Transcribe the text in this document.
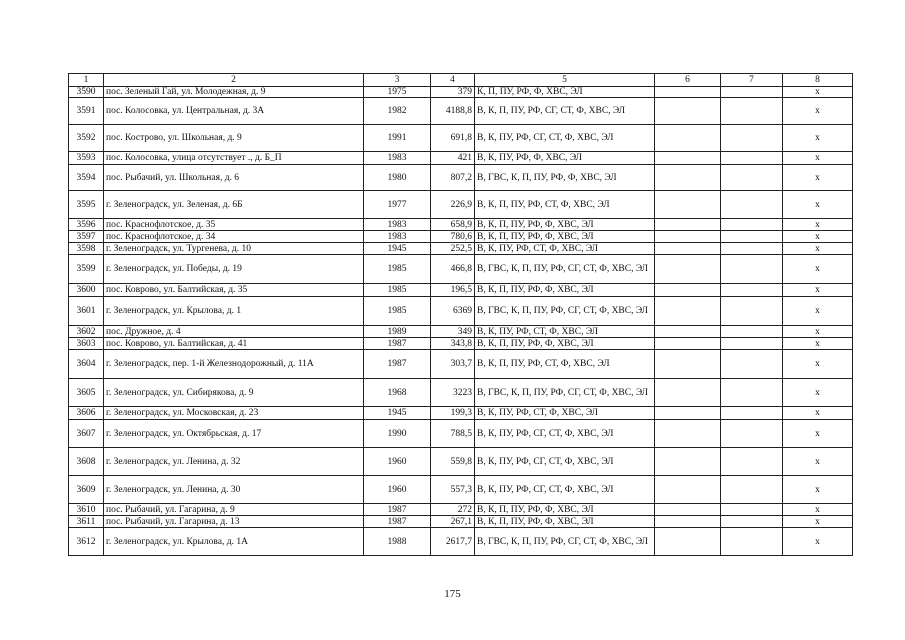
1	2	3	4	5	6	7	8
3590	пос. Зеленый Гай, ул. Молодежная, д. 9	1975	379	К, П, ПУ, РФ, Ф, ХВС, ЭЛ			х
3591	пос. Колосовка, ул. Центральная, д. 3А	1982	4188,8	В, К, П, ПУ, РФ, СГ, СТ, Ф, ХВС, ЭЛ			х
3592	пос. Кострово, ул. Школьная, д. 9	1991	691,8	В, К, ПУ, РФ, СГ, СТ, Ф, ХВС, ЭЛ			х
3593	пос. Колосовка, улица отсутствует ., д. Б_П	1983	421	В, К, ПУ, РФ, Ф, ХВС, ЭЛ			х
3594	пос. Рыбачий, ул. Школьная, д. 6	1980	807,2	В, ГВС, К, П, ПУ, РФ, Ф, ХВС, ЭЛ			х
3595	г. Зеленоградск, ул. Зеленая, д. 6Б	1977	226,9	В, К, П, ПУ, РФ, СТ, Ф, ХВС, ЭЛ			х
3596	пос. Краснофлотское, д. 35	1983	658,9	В, К, П, ПУ, РФ, Ф, ХВС, ЭЛ			х
3597	пос. Краснофлотское, д. 34	1983	780,6	В, К, П, ПУ, РФ, Ф, ХВС, ЭЛ			х
3598	г. Зеленоградск, ул. Тургенева, д. 10	1945	252,5	В, К, ПУ, РФ, СТ, Ф, ХВС, ЭЛ			х
3599	г. Зеленоградск, ул. Победы, д. 19	1985	466,8	В, ГВС, К, П, ПУ, РФ, СГ, СТ, Ф, ХВС, ЭЛ			х
3600	пос. Коврово, ул. Балтийская, д. 35	1985	196,5	В, К, П, ПУ, РФ, Ф, ХВС, ЭЛ			х
3601	г. Зеленоградск, ул. Крылова, д. 1	1985	6369	В, ГВС, К, П, ПУ, РФ, СГ, СТ, Ф, ХВС, ЭЛ			х
3602	пос. Дружное, д. 4	1989	349	В, К, ПУ, РФ, СТ, Ф, ХВС, ЭЛ			х
3603	пос. Коврово, ул. Балтийская, д. 41	1987	343,8	В, К, П, ПУ, РФ, Ф, ХВС, ЭЛ			х
3604	г. Зеленоградск, пер. 1-й Железнодорожный, д. 11А	1987	303,7	В, К, П, ПУ, РФ, СТ, Ф, ХВС, ЭЛ			х
3605	г. Зеленоградск, ул. Сибирякова, д. 9	1968	3223	В, ГВС, К, П, ПУ, РФ, СГ, СТ, Ф, ХВС, ЭЛ			х
3606	г. Зеленоградск, ул. Московская, д. 23	1945	199,3	В, К, ПУ, РФ, СТ, Ф, ХВС, ЭЛ			х
3607	г. Зеленоградск, ул. Октябрьская, д. 17	1990	788,5	В, К, ПУ, РФ, СГ, СТ, Ф, ХВС, ЭЛ			х
3608	г. Зеленоградск, ул. Ленина, д. 32	1960	559,8	В, К, ПУ, РФ, СГ, СТ, Ф, ХВС, ЭЛ			х
3609	г. Зеленоградск, ул. Ленина, д. 30	1960	557,3	В, К, ПУ, РФ, СГ, СТ, Ф, ХВС, ЭЛ			х
3610	пос. Рыбачий, ул. Гагарина, д. 9	1987	272	В, К, П, ПУ, РФ, Ф, ХВС, ЭЛ			х
3611	пос. Рыбачий, ул. Гагарина, д. 13	1987	267,1	В, К, П, ПУ, РФ, Ф, ХВС, ЭЛ			х
3612	г. Зеленоградск, ул. Крылова, д. 1А	1988	2617,7	В, ГВС, К, П, ПУ, РФ, СГ, СТ, Ф, ХВС, ЭЛ			х
175
